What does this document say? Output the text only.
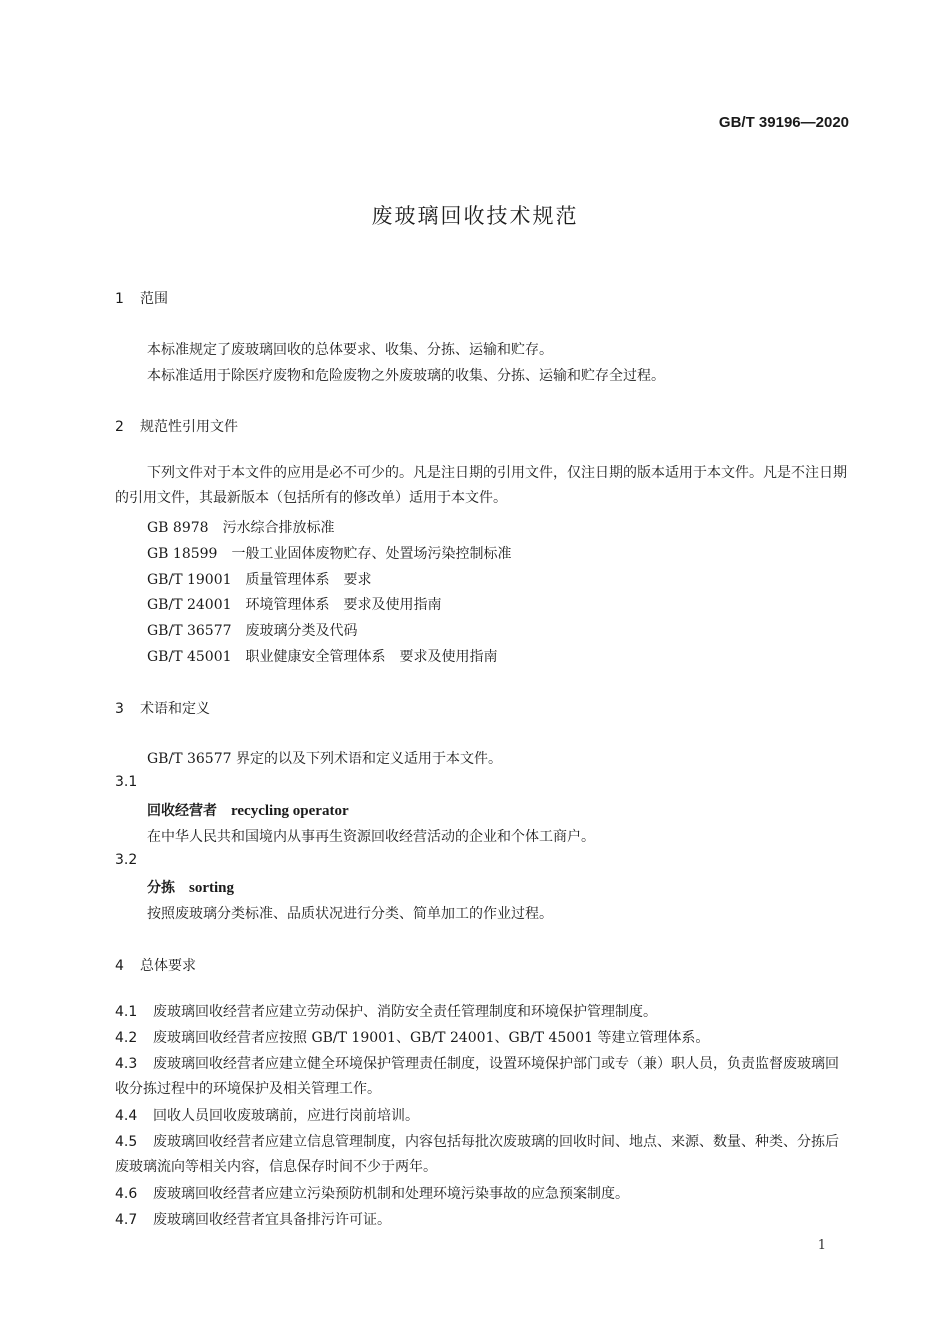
GB/T 39196—2020
废玻璃回收技术规范
1 范围
本标准规定了废玻璃回收的总体要求、收集、分拣、运输和贮存。
本标准适用于除医疗废物和危险废物之外废玻璃的收集、分拣、运输和贮存全过程。
2 规范性引用文件
下列文件对于本文件的应用是必不可少的。凡是注日期的引用文件，仅注日期的版本适用于本文件。凡是不注日期的引用文件，其最新版本（包括所有的修改单）适用于本文件。
GB 8978 污水综合排放标准
GB 18599 一般工业固体废物贮存、处置场污染控制标准
GB/T 19001 质量管理体系　要求
GB/T 24001 环境管理体系　要求及使用指南
GB/T 36577 废玻璃分类及代码
GB/T 45001 职业健康安全管理体系　要求及使用指南
3 术语和定义
GB/T 36577 界定的以及下列术语和定义适用于本文件。
3.1
回收经营者 recycling operator
在中华人民共和国境内从事再生资源回收经营活动的企业和个体工商户。
3.2
分拣 sorting
按照废玻璃分类标准、品质状况进行分类、简单加工的作业过程。
4 总体要求
4.1 废玻璃回收经营者应建立劳动保护、消防安全责任管理制度和环境保护管理制度。
4.2 废玻璃回收经营者应按照 GB/T 19001、GB/T 24001、GB/T 45001 等建立管理体系。
4.3 废玻璃回收经营者应建立健全环境保护管理责任制度，设置环境保护部门或专（兼）职人员，负责监督废玻璃回收分拣过程中的环境保护及相关管理工作。
4.4 回收人员回收废玻璃前，应进行岗前培训。
4.5 废玻璃回收经营者应建立信息管理制度，内容包括每批次废玻璃的回收时间、地点、来源、数量、种类、分拣后废玻璃流向等相关内容，信息保存时间不少于两年。
4.6 废玻璃回收经营者应建立污染预防机制和处理环境污染事故的应急预案制度。
4.7 废玻璃回收经营者宜具备排污许可证。
1
